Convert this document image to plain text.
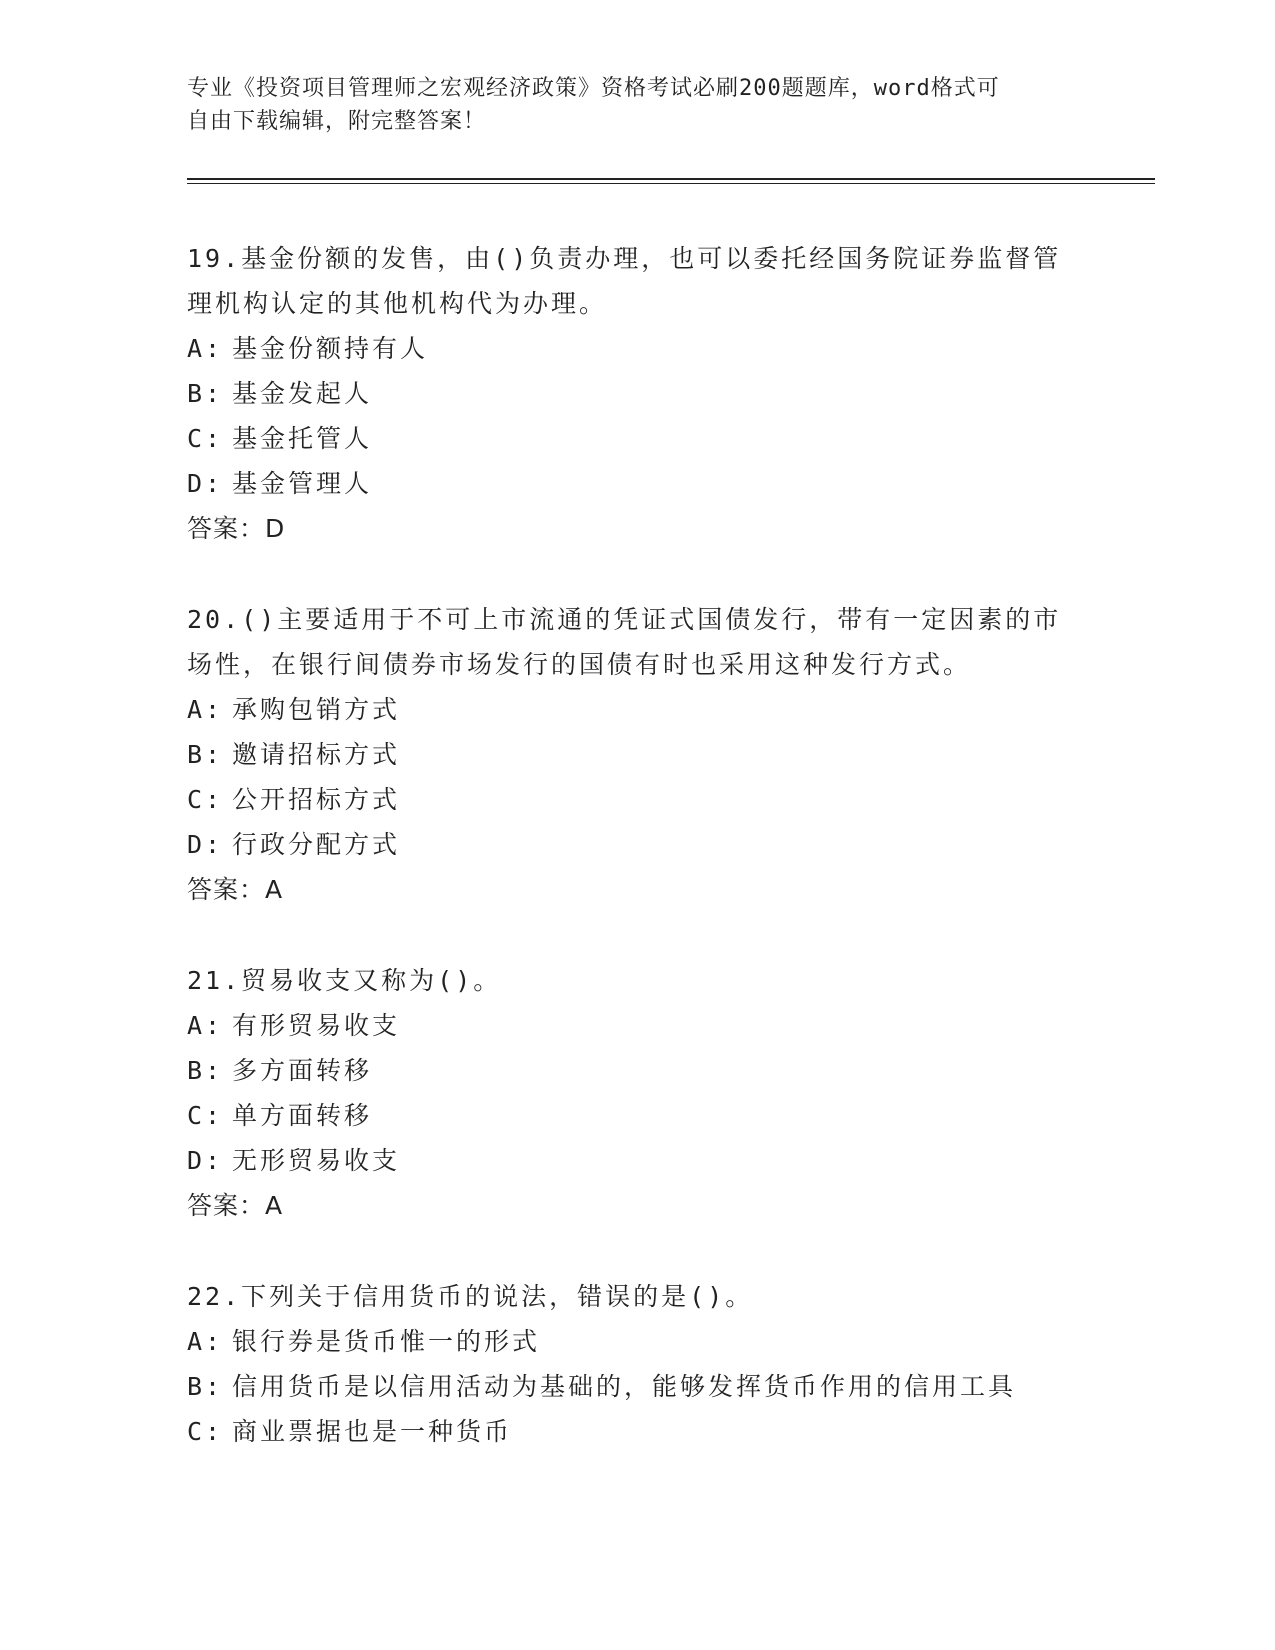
专业《投资项目管理师之宏观经济政策》资格考试必刷200题题库，word格式可
自由下载编辑，附完整答案！
19.基金份额的发售，由()负责办理，也可以委托经国务院证券监督管
理机构认定的其他机构代为办理。
A: 基金份额持有人
B: 基金发起人
C: 基金托管人
D: 基金管理人
答案：D
20.()主要适用于不可上市流通的凭证式国债发行，带有一定因素的市
场性，在银行间债券市场发行的国债有时也采用这种发行方式。
A: 承购包销方式
B: 邀请招标方式
C: 公开招标方式
D: 行政分配方式
答案：A
21.贸易收支又称为()。
A: 有形贸易收支
B: 多方面转移
C: 单方面转移
D: 无形贸易收支
答案：A
22.下列关于信用货币的说法，错误的是()。
A: 银行券是货币惟一的形式
B: 信用货币是以信用活动为基础的，能够发挥货币作用的信用工具
C: 商业票据也是一种货币
